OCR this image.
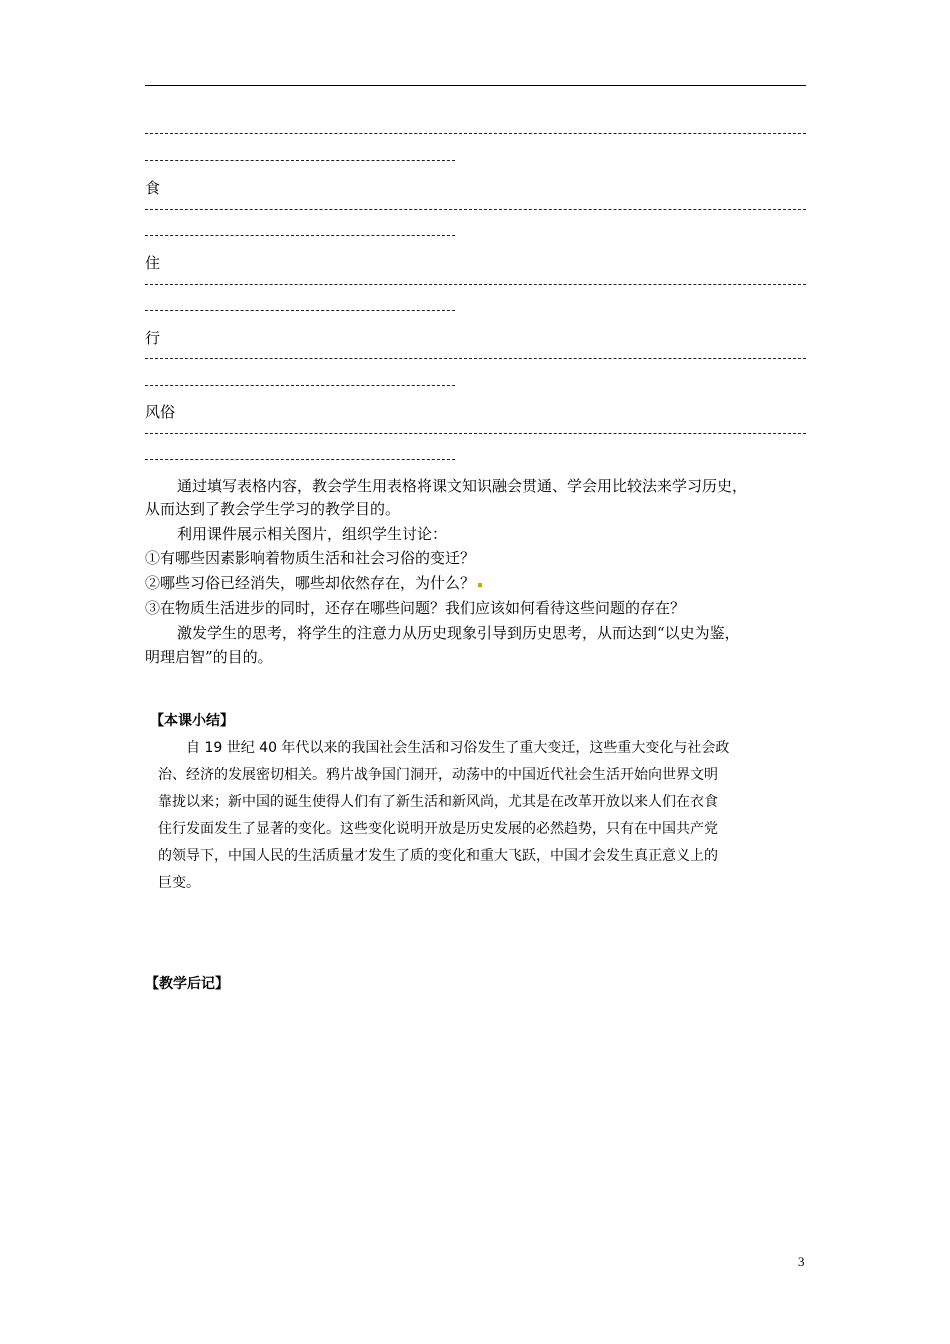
食
住
行
风俗
通过填写表格内容，教会学生用表格将课文知识融会贯通、学会用比较法来学习历史，
从而达到了教会学生学习的教学目的。
利用课件展示相关图片，组织学生讨论：
①有哪些因素影响着物质生活和社会习俗的变迁？
②哪些习俗已经消失，哪些却依然存在，为什么？
③在物质生活进步的同时，还存在哪些问题？我们应该如何看待这些问题的存在？
激发学生的思考，将学生的注意力从历史现象引导到历史思考，从而达到“以史为鉴，
明理启智”的目的。
【本课小结】
自 19 世纪 40 年代以来的我国社会生活和习俗发生了重大变迁，这些重大变化与社会政
治、经济的发展密切相关。鸦片战争国门洞开，动荡中的中国近代社会生活开始向世界文明
靠拢以来；新中国的诞生使得人们有了新生活和新风尚，尤其是在改革开放以来人们在衣食
住行发面发生了显著的变化。这些变化说明开放是历史发展的必然趋势，只有在中国共产党
的领导下，中国人民的生活质量才发生了质的变化和重大飞跃，中国才会发生真正意义上的
巨变。
【教学后记】
3
